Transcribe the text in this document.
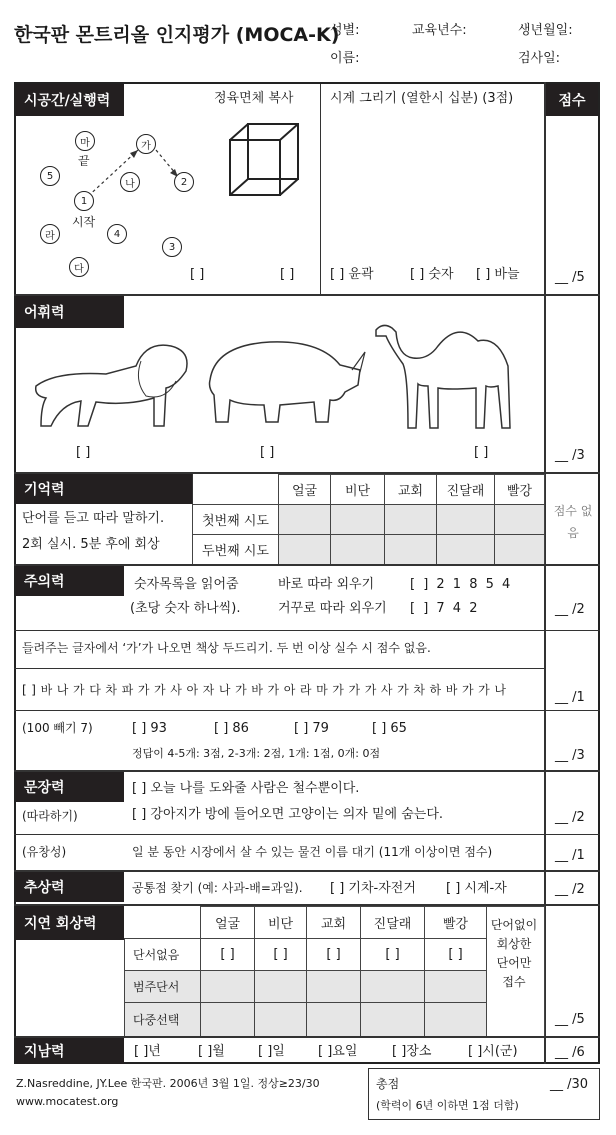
한국판 몬트리올 인지평가 (MOCA-K)
성별:	교육년수:	생년월일:
이름:	검사일:
점수
시공간/실행력	정육면체 복사	시계 그리기 (열한시 십분) (3점)
마	가
5
나	2
1
라	4
3
다
끝
시작
[ ]	[ ]	[ ] 윤곽	[ ] 숫자 [ ] 바늘	__ /5
어휘력
[ ]	[ ]	[ ]	__ /3
기억력
단어를 듣고 따라 말하기.
2회 실시. 5분 후에 회상
얼굴	비단	교회	진달래	빨강
첫번째 시도
두번째 시도
점수 없음
주의력	숫자목록을 읽어줌
(초당 숫자 하나씩).
바로 따라 외우기	[ ] 2 1 8 5 4
거꾸로 따라 외우기 [ ] 7 4 2	__ /2
들려주는 글자에서 ‘가’가 나오면 책상 두드리기. 두 번 이상 실수 시 점수 없음.
[ ] 바 나 가 다 차 파 가 가 사 아 자 나 가 바 가 아 라 마 가 가 가 사 가 차 하 바 가 가 나	__ /1
(100 빼기 7)	[ ] 93	[ ] 86	[ ] 79	[ ] 65
정답이 4-5개: 3점, 2-3개: 2점, 1개: 1점, 0개: 0점	__ /3
문장력
(따라하기)
[ ] 오늘 나를 도와줄 사람은 철수뿐이다.
[ ] 강아지가 방에 들어오면 고양이는 의자 밑에 숨는다.	__ /2
(유창성)	일 분 동안 시장에서 살 수 있는 물건 이름 대기 (11개 이상이면 점수)	__ /1
추상력	공통점 찾기 (예: 사과-배=과일). [ ] 기차-자전거 [ ] 시계-자	__ /2
지연 회상력	얼굴	비단	교회	진달래	빨강
단서없음	[ ]	[ ]	[ ]	[ ]	[ ]
범주단서
다중선택
단어없이
회상한
단어만
접수
__ /5
지남력	[ ]년	[ ]월	[ ]일	[ ]요일	[ ]장소	[ ]시(군)	__ /6
Z.Nasreddine, JY.Lee 한국판. 2006년 3월 1일. 정상≥23/30
www.mocatest.org
총점	__ /30
(학력이 6년 이하면 1점 더함)
